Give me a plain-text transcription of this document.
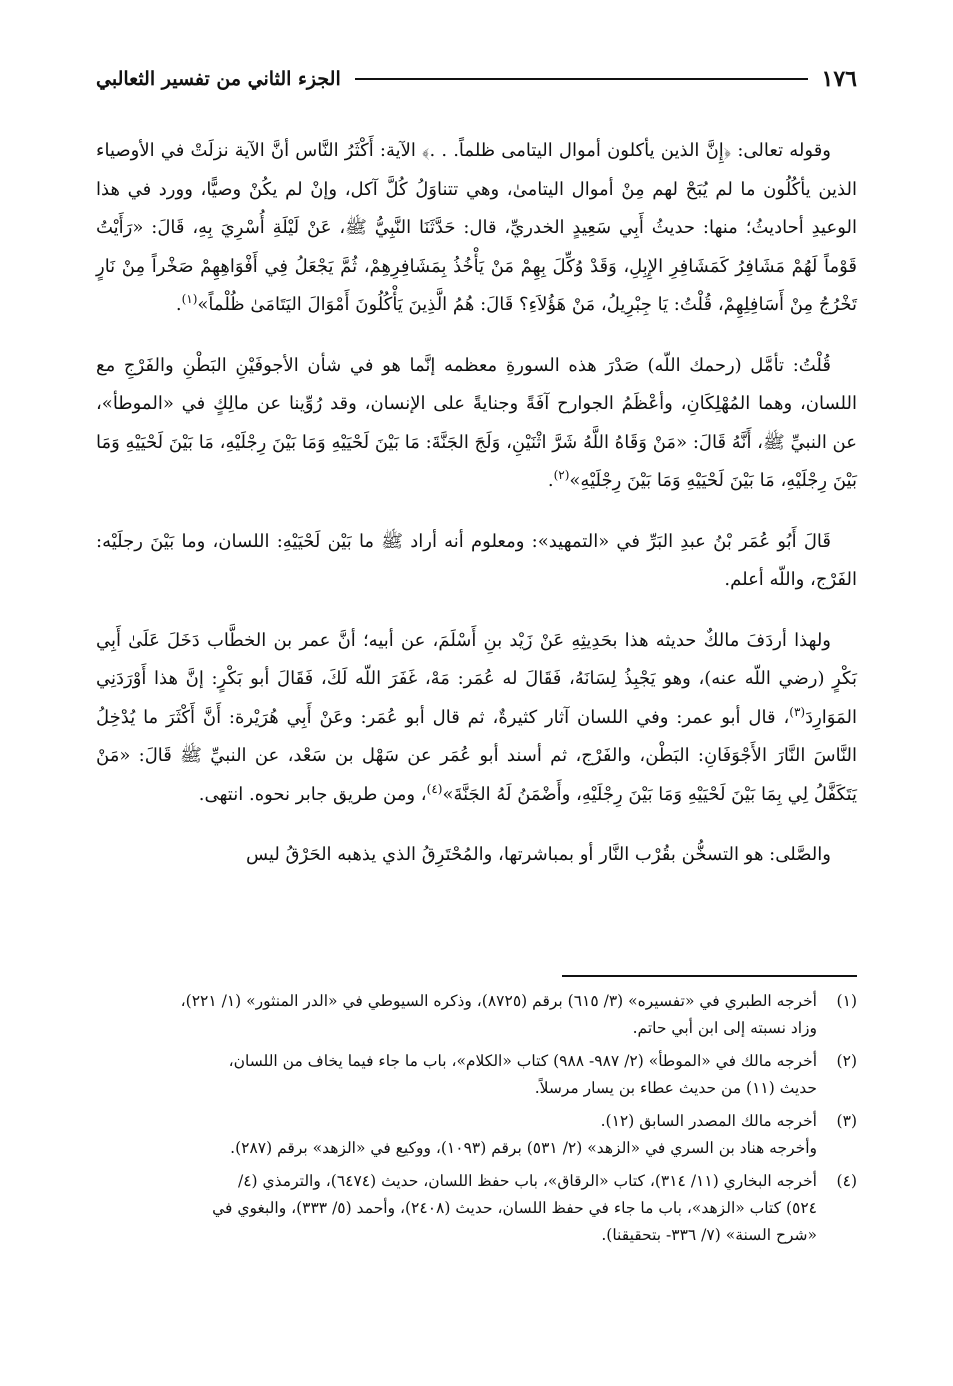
١٧٦
الجزء الثاني من تفسير الثعالبي

وقوله تعالى: ﴿إِنَّ الذين يأكلون أموال اليتامى ظلماً. . .﴾ الآية: أَكْثَرُ النَّاس أنَّ الآية نزلَتْ في الأوصياء الذين يأكُلُون ما لم يُبَحْ لهم مِنْ أموال اليتامىٰ، وهي تتناوَلُ كُلَّ آكل، وإنْ لم يكُنْ وصيًّا، وورد في هذا الوعيدِ أحاديثُ؛ منها: حديثُ أَبِي سَعِيدٍ الخدريِّ، قال: حَدَّثَنَا النَّبِيُّ ﷺ، عَنْ لَيْلَةِ أُسْرِيَ بِهِ، قَالَ: «رَأَيْتُ قَوْماً لَهُمْ مَشَافِرُ كَمَشَافِرِ الإِبِلِ، وَقَدْ وُكِّلَ بِهِمْ مَنْ يَأْخُذُ بِمَشَافِرِهِمْ، ثُمَّ يَجْعَلُ فِي أَفْوَاهِهِمْ صَخْراً مِنْ نَارٍ تَخْرُجُ مِنْ أَسَافِلِهِمْ، قُلْتُ: يَا جِبْرِيلُ، مَنْ هَؤُلاَءِ؟ قَالَ: هُمُ الَّذِينَ يَأْكُلُونَ أَمْوَالَ اليَتَامَىٰ ظُلْماً»$^{(١)}$.

قُلْتُ: تأمَّل (رحمك اللّه) صَدْرَ هذه السورةِ معظمه إنَّما هو في شأن الأجوفَيْنِ البَطْنِ والفَرْجِ مع اللسان، وهما المُهْلِكَانِ، وأعْظَمُ الجوارح آفَةً وجنايةً على الإنسان، وقد رُوِّينا عن مالِكٍ في «الموطأ»، عن النبيِّ ﷺ، أَنَّهُ قَالَ: «مَنْ وَقَاهُ اللَّهُ شَرَّ اثْنَيْنِ، وَلَجَ الجَنَّةَ: مَا بَيْنَ لَحْيَيْهِ وَمَا بَيْنَ رِجْلَيْهِ، مَا بَيْنَ لَحْيَيْهِ وَمَا بَيْنَ رِجْلَيْهِ، مَا بَيْنَ لَحْيَيْهِ وَمَا بَيْنَ رِجْلَيْهِ»$^{(٢)}$.

قَالَ أَبُو عُمَر بْنُ عبدِ البَرِّ في «التمهيد»: ومعلوم أنه أراد ﷺ ما بَيْن لَحْيَيْهِ: اللسان، وما بَيْنَ رجلَيْه: الفَرْج، واللّه أعلم.

ولهذا أردَفَ مالكٌ حديثه هذا بحَدِيثِهِ عَنْ زَيْد بنِ أَسْلَمَ، عن أبيه؛ أنَّ عمر بن الخطَّاب دَخَلَ عَلَىٰ أَبِي بَكْرٍ (رضي اللّه عنه)، وهو يَجْبِذُ لِسَانَهُ، فَقَالَ له عُمَر: مَهْ، غَفَرَ اللّه لَكَ، فَقَالَ أبو بَكْرٍ: إنَّ هذا أَوْرَدَنِي المَوَارِدَ$^{(٣)}$، قال أبو عمر: وفي اللسان آثار كثيرةٌ، ثم قال أبو عُمَر: وعَنْ أَبِي هُرَيْرة: أَنَّ أَكْثَرَ ما يُدْخِلُ النَّاسَ النَّارَ الأَجْوَفَانِ: البَطْن، والفَرْج، ثم أسند أبو عُمَر عن سَهْل بن سَعْد، عن النبيِّ ﷺ قَالَ: «مَنْ يَتَكَفَّلُ لِي بِمَا بَيْنَ لَحْيَيْهِ وَمَا بَيْنَ رِجْلَيْهِ، وأَضْمَنُ لَهُ الجَنَّةَ»$^{(٤)}$، ومن طريق جابر نحوه. انتهى.

والصَّلى: هو التسخُّن بقُرْب النَّار أو بمباشرتها، والمُحْتَرِقُ الذي يذهبه الحَرْقُ ليس

(١)
أخرجه الطبري في «تفسيره» (٣/ ٦١٥) برقم (٨٧٢٥)، وذكره السيوطي في «الدر المنثور» (١/ ٢٢١)،
وزاد نسبته إلى ابن أبي حاتم.
(٢)
أخرجه مالك في «الموطأ» (٢/ ٩٨٧- ٩٨٨) كتاب «الكلام»، باب ما جاء فيما يخاف من اللسان،
حديث (١١) من حديث عطاء بن يسار مرسلاً.
(٣)
أخرجه مالك المصدر السابق (١٢).
وأخرجه هناد بن السري في «الزهد» (٢/ ٥٣١) برقم (١٠٩٣)، ووكيع في «الزهد» برقم (٢٨٧).
(٤)
أخرجه البخاري (١١/ ٣١٤)، كتاب «الرقاق»، باب حفظ اللسان، حديث (٦٤٧٤)، والترمذي (٤/
٥٢٤) كتاب «الزهد»، باب ما جاء في حفظ اللسان، حديث (٢٤٠٨)، وأحمد (٥/ ٣٣٣)، والبغوي في
«شرح السنة» (٧/ ٣٣٦- بتحقيقنا).
